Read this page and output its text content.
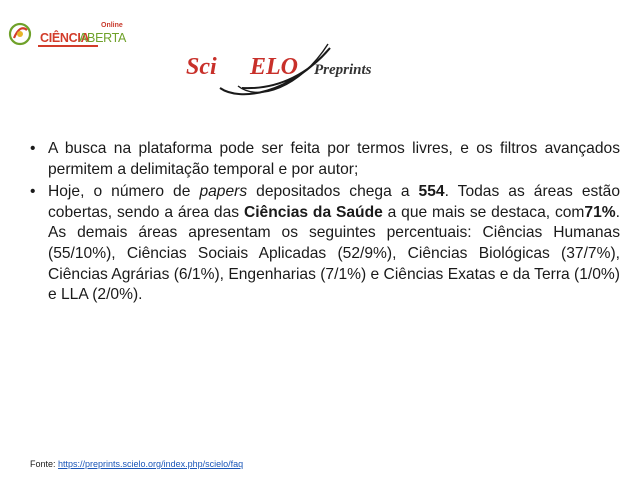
Online
CIÊNCIA
ABERTA
Sci ELO Preprints
• A busca na plataforma pode ser feita por termos livres, e os filtros avançados permitem a delimitação temporal e por autor;
• Hoje, o número de papers depositados chega a 554. Todas as áreas estão cobertas, sendo a área das Ciências da Saúde a que mais se destaca, com71%. As demais áreas apresentam os seguintes percentuais: Ciências Humanas (55/10%), Ciências Sociais Aplicadas (52/9%), Ciências Biológicas (37/7%), Ciências Agrárias (6/1%), Engenharias (7/1%) e Ciências Exatas e da Terra (1/0%) e LLA (2/0%).
Fonte: https://preprints.scielo.org/index.php/scielo/faq
